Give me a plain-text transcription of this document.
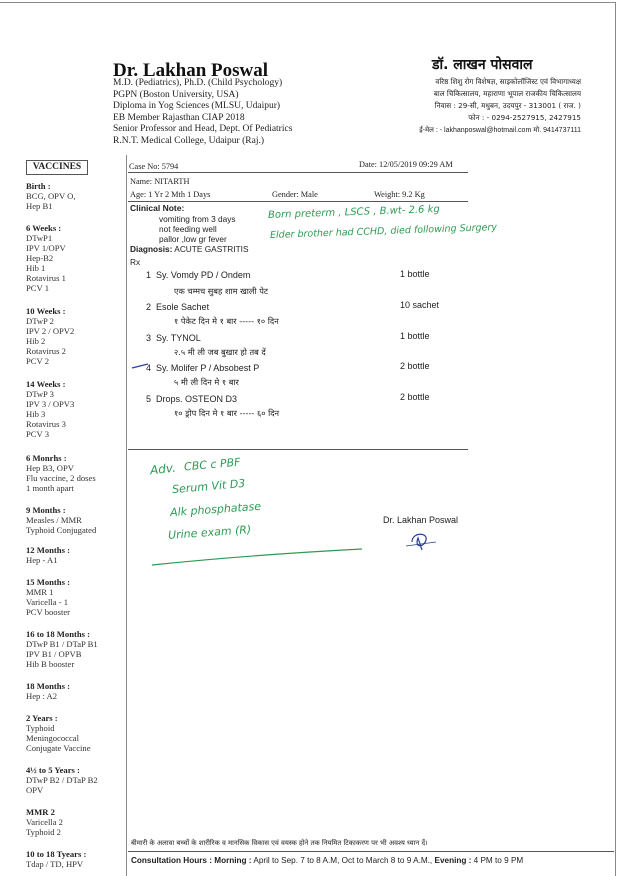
Dr. Lakhan Poswal
M.D. (Pediatrics), Ph.D. (Child Psychology)
PGPN (Boston University, USA)
Diploma in Yog Sciences (MLSU, Udaipur)
EB Member Rajasthan CIAP 2018
Senior Professor and Head, Dept. Of Pediatrics
R.N.T. Medical College, Udaipur (Raj.)
डॉ. लाखन पोसवाल
वरिष्ठ शिशु रोग विशेषज्ञ, साइकोलॉजिस्ट एवं विभागाध्यक्ष
बाल चिकित्सालय, महाराणा भूपाल राजकीय चिकित्सालय
निवास : 29-सी, मधुबन, उदयपुर - 313001 ( राज. )
फोन : - 0294-2527915, 2427915
ई-मेल : - lakhanposwal@hotmail.com मो. 9414737111
VACCINES
Birth :
BCG, OPV O,
Hep B1
6 Weeks :
DTwP1
IPV 1/OPV
Hep-B2
Hib 1
Rotavirus 1
PCV 1
10 Weeks :
DTwP 2
IPV 2 / OPV2
Hib 2
Rotavirus 2
PCV 2
14 Weeks :
DTwP 3
IPV 3 / OPV3
Hib 3
Rotavirus 3
PCV 3
6 Monrhs :
Hep B3, OPV
Flu vaccine, 2 doses
1 month apart
9 Months :
Measles / MMR
Typhoid Conjugated
12 Months :
Hep - A1
15 Months :
MMR 1
Varicella - 1
PCV booster
16 to 18 Months :
DTwP B1 / DTaP B1
IPV B1 / OPVB
Hib B booster
18 Months :
Hep : A2
2 Years :
Typhoid
Meningococcal
Conjugate Vaccine
4½ to 5 Years :
DTwP B2 / DTaP B2
OPV
MMR 2
Varicella 2
Typhoid 2
10 to 18 Tyears :
Tdap / TD, HPV
Case No: 5794	Date: 12/05/2019 09:29 AM
Name: NITARTH
Age: 1 Yr 2 Mth 1 Days	Gender: Male	Weight: 9.2 Kg
Clinical Note:
vomiting from 3 days
not feeding well
pallor ,low gr fever
Diagnosis: ACUTE GASTRITIS
Rx
1 Sy. Vomdy PD / Ondem
एक चम्मच सुबह शाम खाली पेट
1 bottle
2 Esole Sachet
१ पेकेट दिन मे १ बार ----- १० दिन
10 sachet
3 Sy. TYNOL
२.५ मी ली जब बुखार हो तब दें
1 bottle
4 Sy. Molifer P / Absobest P
५ मी ली दिन मे १ बार
2 bottle
5 Drops. OSTEON D3
१० ड्रोप दिन मे १ बार ----- ६० दिन
2 bottle
Born preterm , LSCS , B.wt- 2.6 kg
Elder brother had CCHD, died following Surgery
Adv. CBC c PBF
Serum Vit D3
Alk phosphatase
Urine exam (R)
Dr. Lakhan Poswal
बीमारी के अलावा बच्चों के शारीरिक व मानसिक विकास एवं वयस्क होने तक नियमित टिकाकरण पर भी अवश्य ध्यान दें।
Consultation Hours : Morning : April to Sep. 7 to 8 A.M, Oct to March 8 to 9 A.M., Evening : 4 PM to 9 PM
